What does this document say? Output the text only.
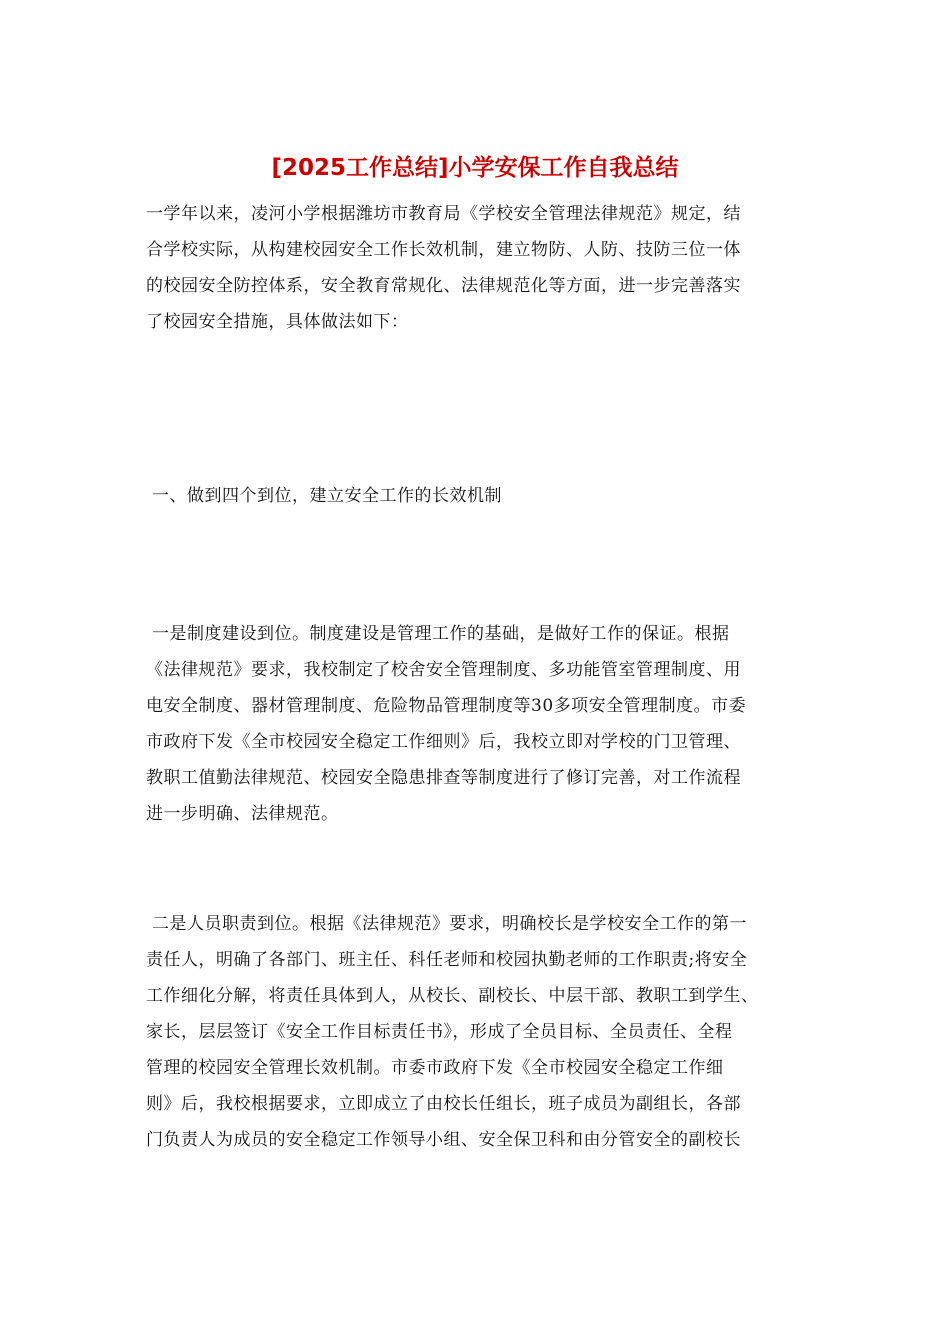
[2025工作总结]小学安保工作自我总结
一学年以来，凌河小学根据潍坊市教育局《学校安全管理法律规范》规定，结
合学校实际，从构建校园安全工作长效机制，建立物防、人防、技防三位一体
的校园安全防控体系，安全教育常规化、法律规范化等方面，进一步完善落实
了校园安全措施，具体做法如下：
一、做到四个到位，建立安全工作的长效机制
一是制度建设到位。制度建设是管理工作的基础，是做好工作的保证。根据
《法律规范》要求，我校制定了校舍安全管理制度、多功能管室管理制度、用
电安全制度、器材管理制度、危险物品管理制度等30多项安全管理制度。市委
市政府下发《全市校园安全稳定工作细则》后，我校立即对学校的门卫管理、
教职工值勤法律规范、校园安全隐患排查等制度进行了修订完善，对工作流程
进一步明确、法律规范。
二是人员职责到位。根据《法律规范》要求，明确校长是学校安全工作的第一
责任人，明确了各部门、班主任、科任老师和校园执勤老师的工作职责;将安全
工作细化分解，将责任具体到人，从校长、副校长、中层干部、教职工到学生、
家长，层层签订《安全工作目标责任书》，形成了全员目标、全员责任、全程
管理的校园安全管理长效机制。市委市政府下发《全市校园安全稳定工作细
则》后，我校根据要求，立即成立了由校长任组长，班子成员为副组长，各部
门负责人为成员的安全稳定工作领导小组、安全保卫科和由分管安全的副校长
